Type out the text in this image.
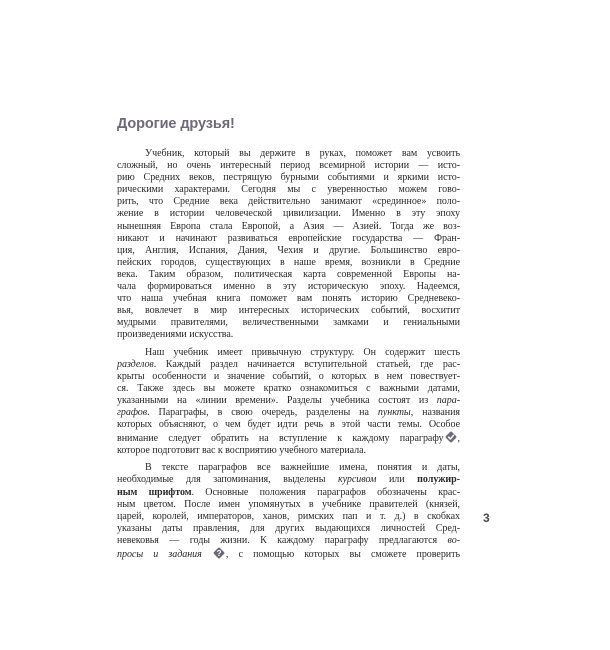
Дорогие друзья!

Учебник, который вы держите в руках, поможет вам усвоить

сложный, но очень интересный период всемирной истории — исто-

рию Средних веков, пестрящую бурными событиями и яркими исто-

рическими характерами. Сегодня мы с уверенностью можем гово-

рить, что Средние века действительно занимают «срединное» поло-

жение в истории человеческой цивилизации. Именно в эту эпоху

нынешняя Европа стала Европой, а Азия — Азией. Тогда же воз-

никают и начинают развиваться европейские государства — Фран-

ция, Англия, Испания, Дания, Чехия и другие. Большинство евро-

пейских городов, существующих в наше время, возникли в Средние

века. Таким образом, политическая карта современной Европы на-

чала формироваться именно в эту историческую эпоху. Надеемся,

что наша учебная книга поможет вам понять историю Средневеко-

вья, вовлечет в мир интересных исторических событий, восхитит

мудрыми правителями, величественными замками и гениальными

произведениями искусства.

Наш учебник имеет привычную структуру. Он содержит шесть

разделов. Каждый раздел начинается вступительной статьей, где рас-

крыты особенности и значение событий, о которых в нем повествует-

ся. Также здесь вы можете кратко ознакомиться с важными датами,

указанными на «линии времени». Разделы учебника состоят из пара-

графов. Параграфы, в свою очередь, разделены на пункты, названия

которых объясняют, о чем будет идти речь в этой части темы. Особое

внимание следует обратить на вступление к каждому параграфу ,

которое подготовит вас к восприятию учебного материала.

В тексте параграфов все важнейшие имена, понятия и даты,

необходимые для запоминания, выделены курсивом или полужир-

ным шрифтом. Основные положения параграфов обозначены крас-

ным цветом. После имен упомянутых в учебнике правителей (князей,

царей, королей, императоров, ханов, римских пап и т. д.) в скобках

указаны даты правления, для других выдающихся личностей Сред-

невековья — годы жизни. К каждому параграфу предлагаются во-

просы и задания ? , с помощью которых вы сможете проверить

3
